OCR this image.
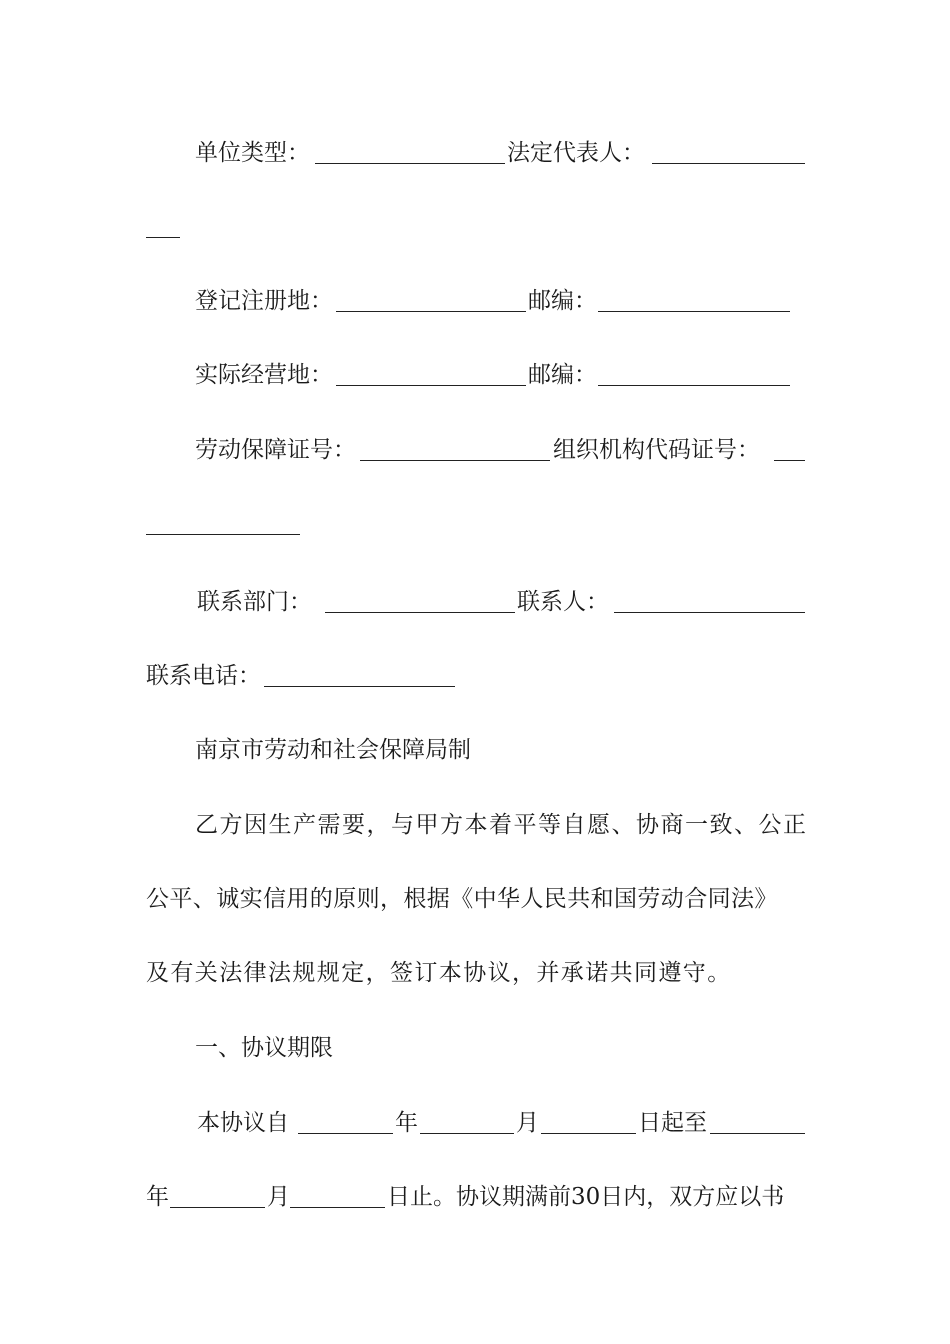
单位类型：	法定代表人：
登记注册地：	邮编：
实际经营地：	邮编：
劳动保障证号：	组织机构代码证号：
联系部门：	联系人：
联系电话：
南京市劳动和社会保障局制
乙方因生产需要，与甲方本着平等自愿、协商一致、公正
公平、诚实信用的原则，根据《中华人民共和国劳动合同法》
及有关法律法规规定，签订本协议，并承诺共同遵守。
一、协议期限
本协议自	年	月	日起至
年	月	日止。协议期满前30日内，双方应以书
